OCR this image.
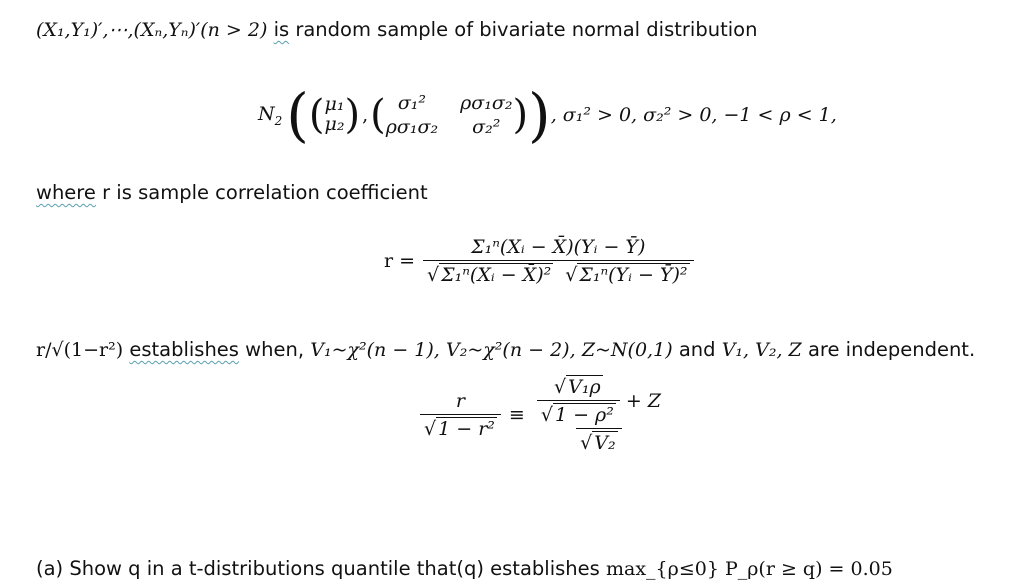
(X₁,Y₁)′,⋯,(Xₙ,Yₙ)′(n > 2) is random sample of bivariate normal distribution
$N_2$ ( ( μ₁
μ₂ ) , ( σ₁²	ρσ₁σ₂
ρσ₁σ₂	σ₂² ) ) , σ₁² > 0, σ₂² > 0, −1 < ρ < 1,
where r is sample correlation coefficient
$r = \frac{\text{Σ₁ⁿ(Xᵢ − X̄)(Yᵢ − Ȳ)}}{\text{√ Σ₁ⁿ(Xᵢ − X̄)² √ Σ₁ⁿ(Yᵢ − Ȳ)²}}$
r/√(1−r²) establishes when, V₁~χ²(n − 1), V₂~χ²(n − 2), Z~N(0,1) and V₁, V₂, Z are independent.
$\frac{r}{\text{√ 1 − r²}} \equiv \frac{\frac{\text{√ V₁ρ}}{\text{√ 1 − ρ²}} + Z}{\text{√ V₂}}$
(a) Show q in a t-distributions quantile that(q) establishes max_{ρ≤0} P_ρ(r ≥ q) = 0.05
